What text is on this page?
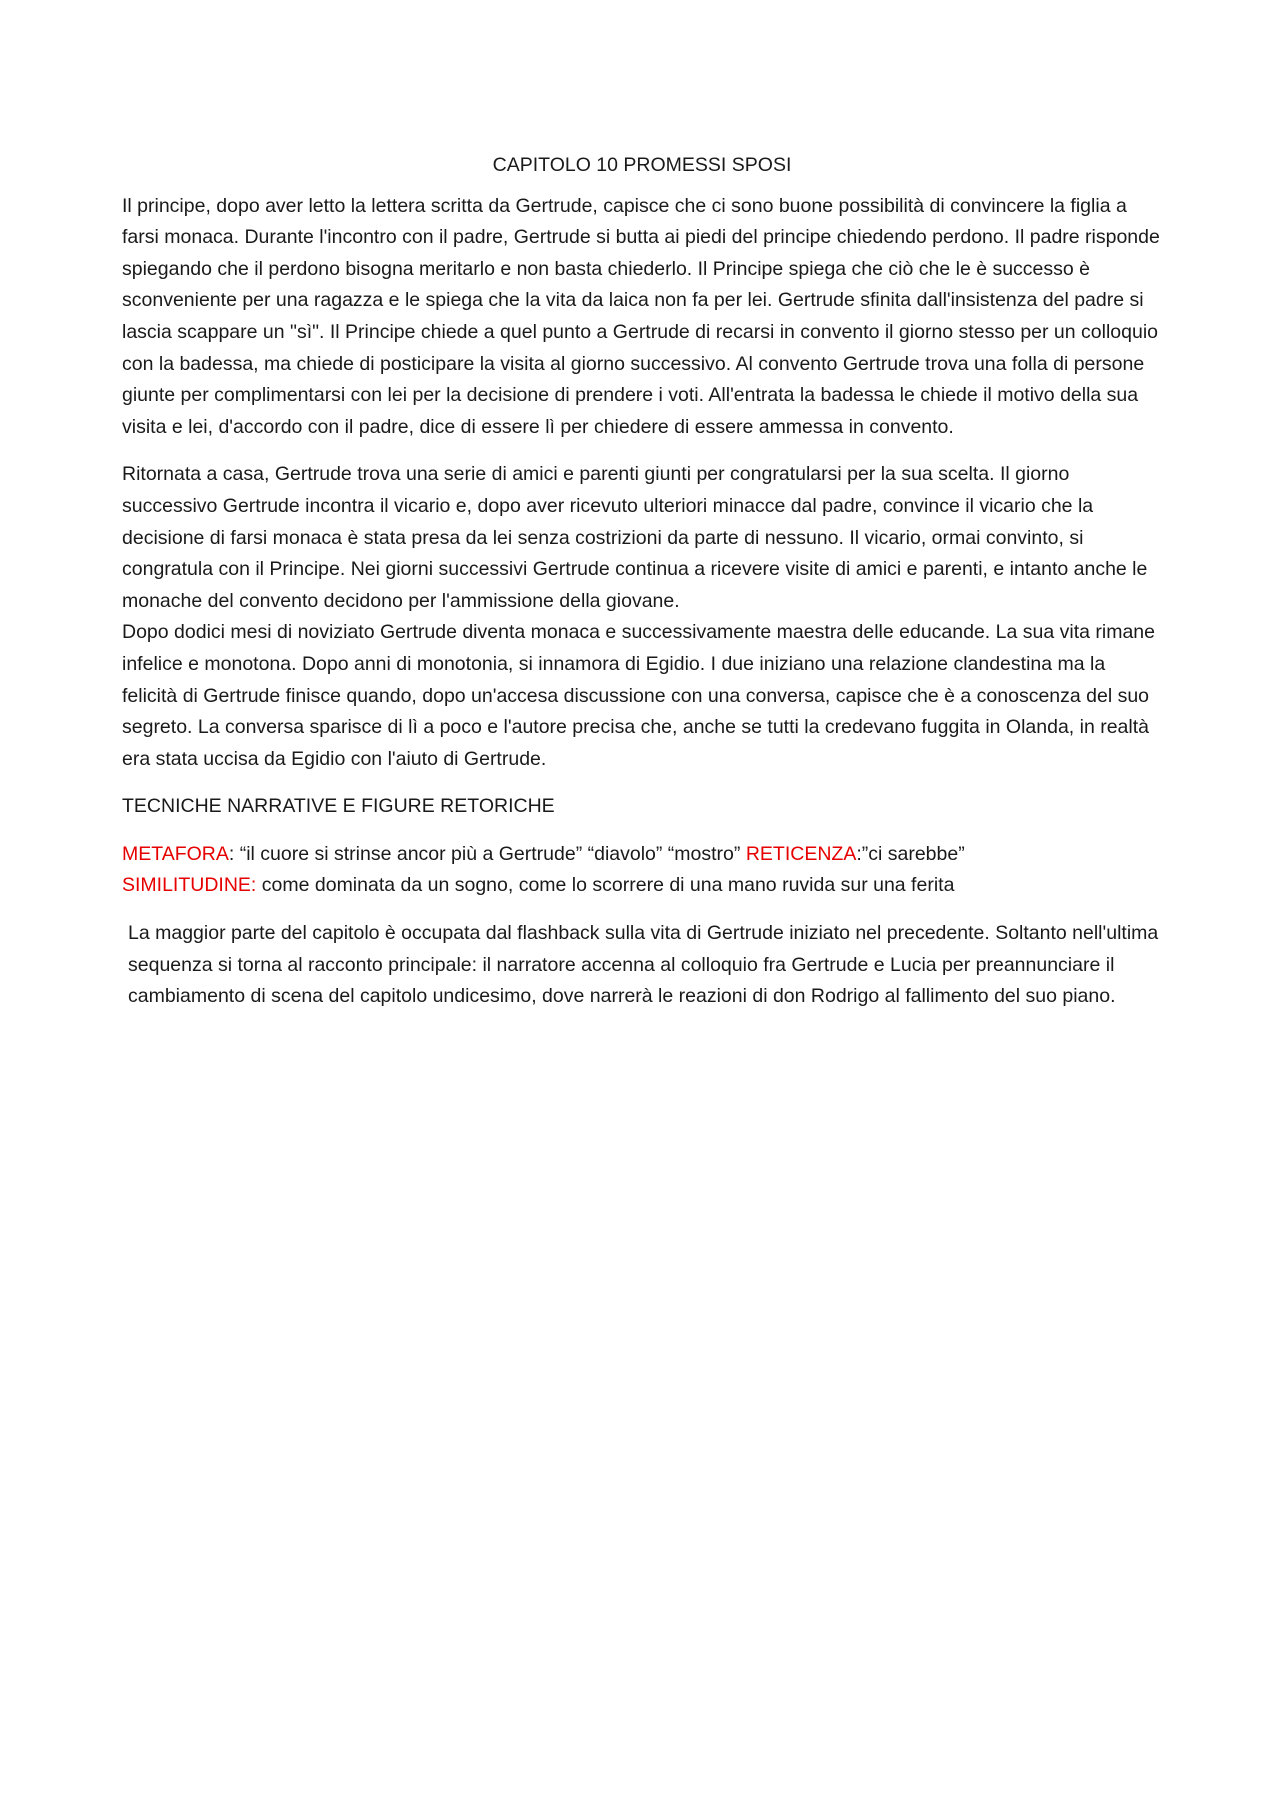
CAPITOLO 10 PROMESSI SPOSI

Il principe, dopo aver letto la lettera scritta da Gertrude, capisce che ci sono buone possibilità di convincere la figlia a farsi monaca. Durante l'incontro con il padre, Gertrude si butta ai piedi del principe chiedendo perdono. Il padre risponde spiegando che il perdono bisogna meritarlo e non basta chiederlo. Il Principe spiega che ciò che le è successo è sconveniente per una ragazza e le spiega che la vita da laica non fa per lei. Gertrude sfinita dall'insistenza del padre si lascia scappare un "sì". Il Principe chiede a quel punto a Gertrude di recarsi in convento il giorno stesso per un colloquio con la badessa, ma chiede di posticipare la visita al giorno successivo. Al convento Gertrude trova una folla di persone giunte per complimentarsi con lei per la decisione di prendere i voti. All'entrata la badessa le chiede il motivo della sua visita e lei, d'accordo con il padre, dice di essere lì per chiedere di essere ammessa in convento.

Ritornata a casa, Gertrude trova una serie di amici e parenti giunti per congratularsi per la sua scelta. Il giorno successivo Gertrude incontra il vicario e, dopo aver ricevuto ulteriori minacce dal padre, convince il vicario che la decisione di farsi monaca è stata presa da lei senza costrizioni da parte di nessuno. Il vicario, ormai convinto, si congratula con il Principe. Nei giorni successivi Gertrude continua a ricevere visite di amici e parenti, e intanto anche le monache del convento decidono per l'ammissione della giovane.

Dopo dodici mesi di noviziato Gertrude diventa monaca e successivamente maestra delle educande. La sua vita rimane infelice e monotona. Dopo anni di monotonia, si innamora di Egidio. I due iniziano una relazione clandestina ma la felicità di Gertrude finisce quando, dopo un'accesa discussione con una conversa, capisce che è a conoscenza del suo segreto. La conversa sparisce di lì a poco e l'autore precisa che, anche se tutti la credevano fuggita in Olanda, in realtà era stata uccisa da Egidio con l'aiuto di Gertrude.

TECNICHE NARRATIVE E FIGURE RETORICHE

METAFORA: “il cuore si strinse ancor più a Gertrude” “diavolo” “mostro” RETICENZA:”ci sarebbe”
SIMILITUDINE: come dominata da un sogno, come lo scorrere di una mano ruvida sur una ferita

La maggior parte del capitolo è occupata dal flashback sulla vita di Gertrude iniziato nel precedente. Soltanto nell'ultima sequenza si torna al racconto principale: il narratore accenna al colloquio fra Gertrude e Lucia per preannunciare il cambiamento di scena del capitolo undicesimo, dove narrerà le reazioni di don Rodrigo al fallimento del suo piano.
